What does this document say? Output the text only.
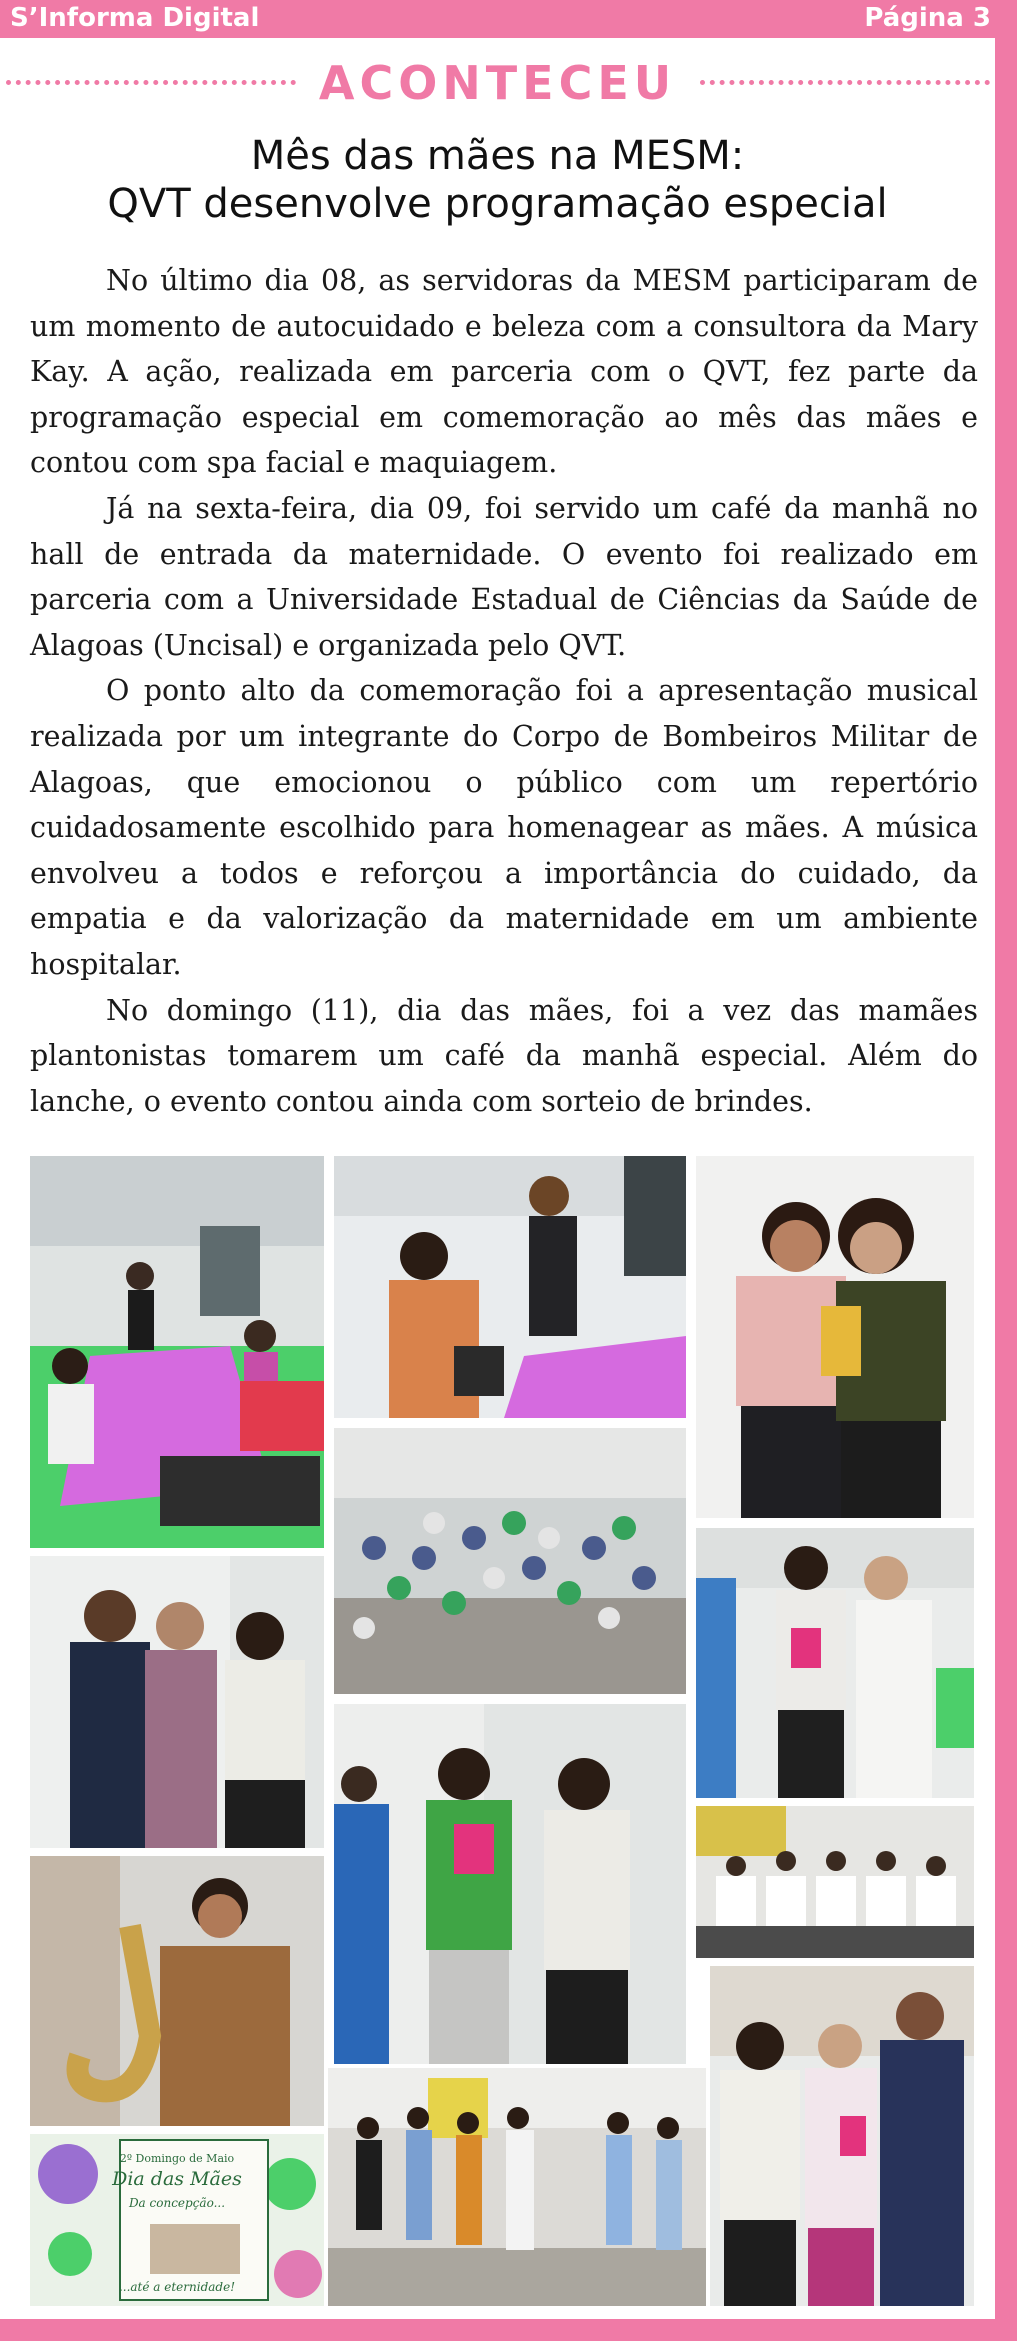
S’Informa Digital	Página 3
ACONTECEU
Mês das mães na MESM:
QVT desenvolve programação especial

No último dia 08, as servidoras da MESM participaram de um momento de autocuidado e beleza com a consultora da Mary Kay. A ação, realizada em parceria com o QVT, fez parte da programação especial em comemoração ao mês das mães e contou com spa facial e maquiagem.

Já na sexta-feira, dia 09, foi servido um café da manhã no hall de entrada da maternidade. O evento foi realizado em parceria com a Universidade Estadual de Ciências da Saúde de Alagoas (Uncisal) e organizada pelo QVT.

O ponto alto da comemoração foi a apresentação musical realizada por um integrante do Corpo de Bombeiros Militar de Alagoas, que emocionou o público com um repertório cuidadosamente escolhido para homenagear as mães. A música envolveu a todos e reforçou a importância do cuidado, da empatia e da valorização da maternidade em um ambiente hospitalar.

No domingo (11), dia das mães, foi a vez das mamães plantonistas tomarem um café da manhã especial. Além do lanche, o evento contou ainda com sorteio de brindes.

2º Domingo de Maio
Dia das Mães
Da concepção...
...até a eternidade!
